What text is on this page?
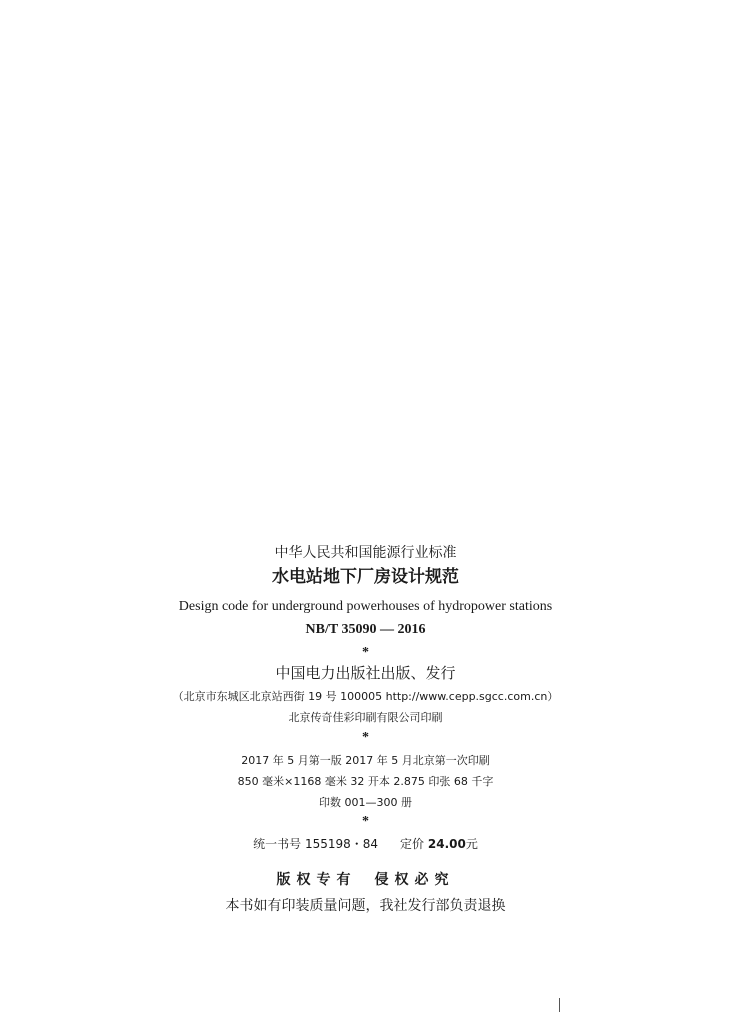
中华人民共和国能源行业标准
水电站地下厂房设计规范
Design code for underground powerhouses of hydropower stations
NB/T 35090 — 2016
*
中国电力出版社出版、发行
（北京市东城区北京站西街 19 号 100005 http://www.cepp.sgcc.com.cn）
北京传奇佳彩印刷有限公司印刷
*
2017 年 5 月第一版 2017 年 5 月北京第一次印刷
850 毫米×1168 毫米 32 开本 2.875 印张 68 千字
印数 001—300 册
*
统一书号 155198・84 定价 24.00元
版权专有 侵权必究
本书如有印装质量问题，我社发行部负责退换
